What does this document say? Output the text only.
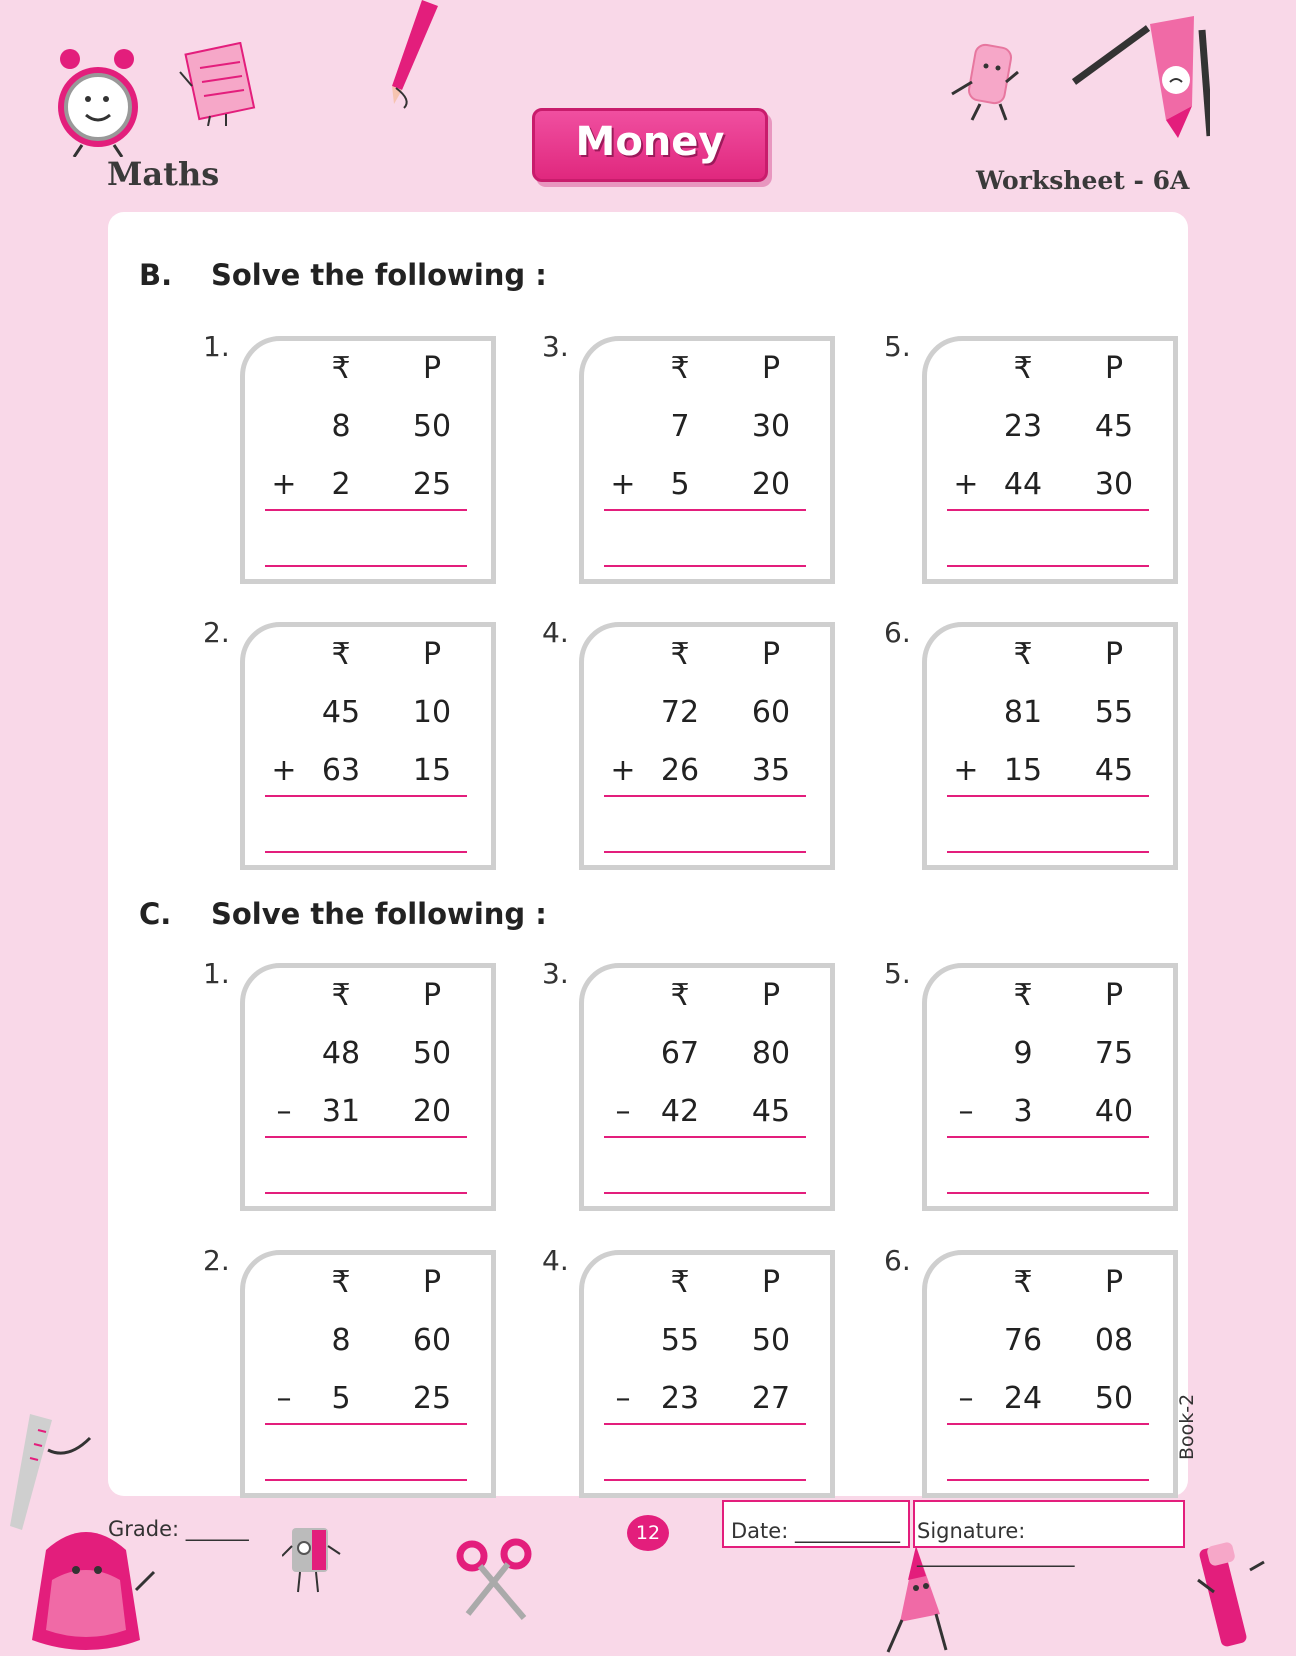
Maths
Money
Worksheet - 6A
B. Solve the following :
C. Solve the following :
1.
₹	P
8	50
+	2	25
2.
₹	P
45	10
+ 63	15
3.
₹	P
7	30
+	5	20
4.
₹	P
72	60
+ 26	35
5.
₹	P
23	45
+ 44	30
6.
₹	P
81	55
+ 15	45
1.
₹	P
48	50
–	31	20
2.
₹	P
8	60
–	5	25
3.
₹	P
67	80
–	42	45
4.
₹	P
55	50
–	23	27
5.
₹	P
9	75
–	3	40
6.
₹	P
76	08
–	24	50	Book-2
Grade: ______	12	Date: __________ Signature: _______________
